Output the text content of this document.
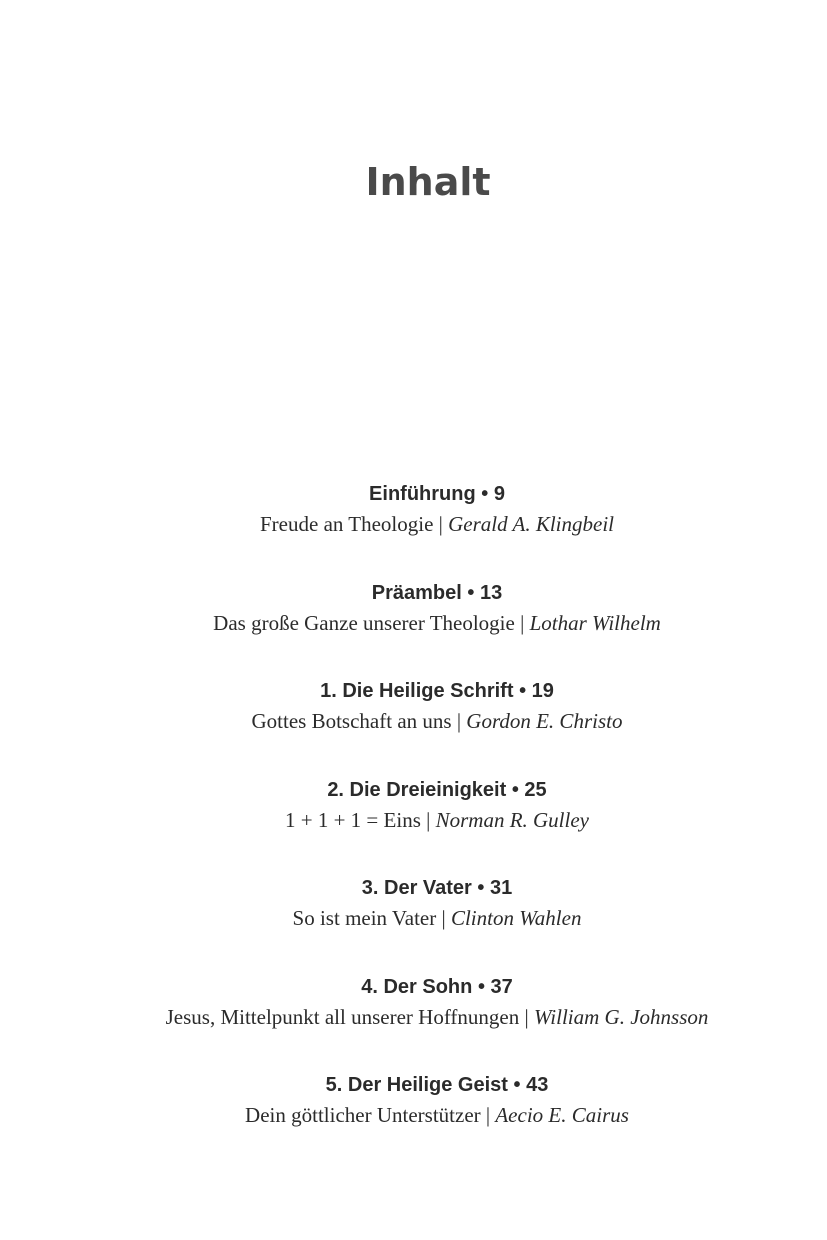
Inhalt
Einführung • 9
Freude an Theologie | Gerald A. Klingbeil
Präambel • 13
Das große Ganze unserer Theologie | Lothar Wilhelm
1. Die Heilige Schrift • 19
Gottes Botschaft an uns | Gordon E. Christo
2. Die Dreieinigkeit • 25
1 + 1 + 1 = Eins | Norman R. Gulley
3. Der Vater • 31
So ist mein Vater | Clinton Wahlen
4. Der Sohn • 37
Jesus, Mittelpunkt all unserer Hoffnungen | William G. Johnsson
5. Der Heilige Geist • 43
Dein göttlicher Unterstützer | Aecio E. Cairus
